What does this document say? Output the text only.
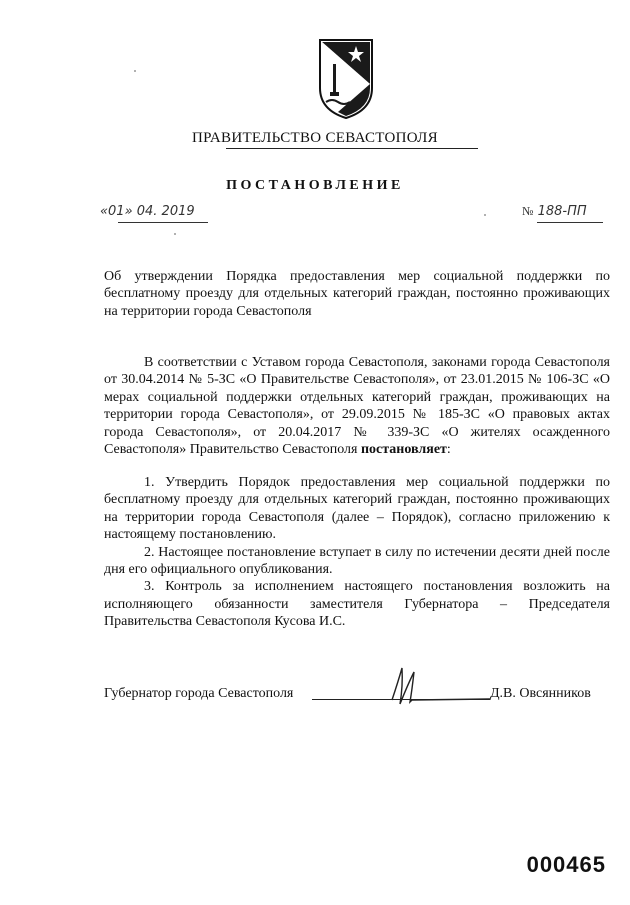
ПРАВИТЕЛЬСТВО СЕВАСТОПОЛЯ
ПОСТАНОВЛЕНИЕ
«01» 04. 2019	№ 188-ПП
Об утверждении Порядка предоставления мер социальной поддержки по бесплатному проезду для отдельных категорий граждан, постоянно проживающих на территории города Севастополя
В соответствии с Уставом города Севастополя, законами города Севастополя от 30.04.2014 № 5-ЗС «О Правительстве Севастополя», от 23.01.2015 № 106-ЗС «О мерах социальной поддержки отдельных категорий граждан, проживающих на территории города Севастополя», от 29.09.2015 № 185-ЗС «О правовых актах города Севастополя», от 20.04.2017 № 339-ЗС «О жителях осажденного Севастополя» Правительство Севастополя постановляет:

1. Утвердить Порядок предоставления мер социальной поддержки по бесплатному проезду для отдельных категорий граждан, постоянно проживающих на территории города Севастополя (далее – Порядок), согласно приложению к настоящему постановлению.

2. Настоящее постановление вступает в силу по истечении десяти дней после дня его официального опубликования.

3. Контроль за исполнением настоящего постановления возложить на исполняющего обязанности заместителя Губернатора – Председателя Правительства Севастополя Кусова И.С.

Губернатор города Севастополя	Д.В. Овсянников
000465
